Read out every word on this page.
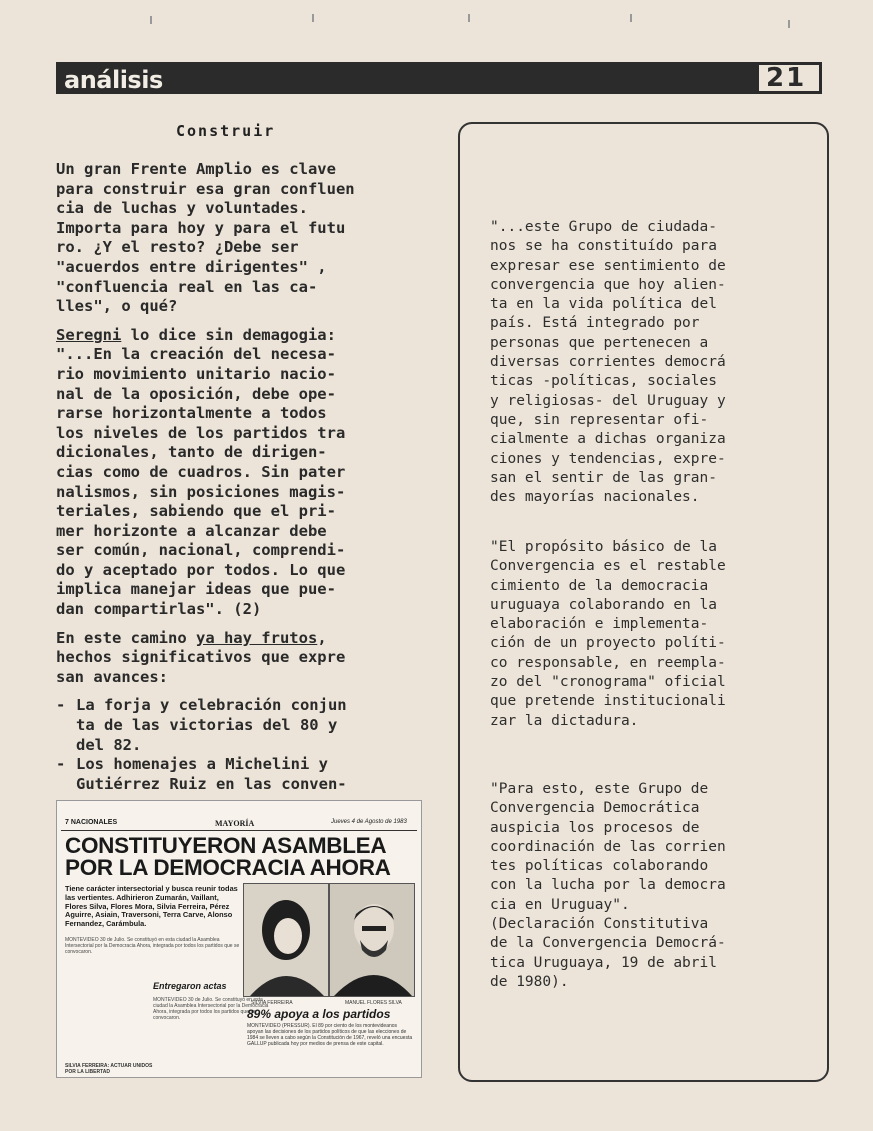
análisis	21
Construir

Un gran Frente Amplio es clave

para construir esa gran confluen

cia de luchas y voluntades.

Importa para hoy y para el futu

ro. ¿Y el resto? ¿Debe ser

"acuerdos entre dirigentes" ,

"confluencia real en las ca-

lles", o qué?

Seregni lo dice sin demagogia:

"...En la creación del necesa-

rio movimiento unitario nacio-

nal de la oposición, debe ope-

rarse horizontalmente a todos

los niveles de los partidos tra

dicionales, tanto de dirigen-

cias como de cuadros. Sin pater

nalismos, sin posiciones magis-

teriales, sabiendo que el pri-

mer horizonte a alcanzar debe

ser común, nacional, comprendi-

do y aceptado por todos. Lo que

implica manejar ideas que pue-

dan compartirlas". (2)

En este camino ya hay frutos,

hechos significativos que expre

san avances:

- La forja y celebración conjun

ta de las victorias del 80 y

del 82.

- Los homenajes a Michelini y

Gutiérrez Ruiz en las conven-

7 NACIONALES	MAYORÍA	Jueves 4 de Agosto de 1983
CONSTITUYERON ASAMBLEA
POR LA DEMOCRACIA AHORA
Tiene carácter intersectorial y busca reunir todas las vertientes. Adhirieron Zumarán, Vaillant, Flores Silva, Flores Mora, Silvia Ferreira, Pérez Aguirre, Asiain, Traversoni, Terra Carve, Alonso Fernandez, Carámbula.
MONTEVIDEO 30 de Julio. Se constituyó en esta ciudad la Asamblea Intersectorial por la Democracia Ahora, integrada por todos los partidos que se convocaron.
Entregaron actas
MONTEVIDEO 30 de Julio. Se constituyó en esta ciudad la Asamblea Intersectorial por la Democracia Ahora, integrada por todos los partidos que se convocaron.
SILVIA FERREIRA	MANUEL FLORES SILVA
89% apoya a los partidos
MONTEVIDEO (PRESSUR). El 89 por ciento de los montevideanos apoyan las decisiones de los partidos políticos de que las elecciones de 1984 se lleven a cabo según la Constitución de 1967, reveló una encuesta GALLUP publicada hoy por medios de prensa de este capital.
SILVIA FERREIRA: ACTUAR UNIDOS POR LA LIBERTAD

"...este Grupo de ciudada-

nos se ha constituído para

expresar ese sentimiento de

convergencia que hoy alien-

ta en la vida política del

país. Está integrado por

personas que pertenecen a

diversas corrientes democrá

ticas -políticas, sociales

y religiosas- del Uruguay y

que, sin representar ofi-

cialmente a dichas organiza

ciones y tendencias, expre-

san el sentir de las gran-

des mayorías nacionales.

"El propósito básico de la

Convergencia es el restable

cimiento de la democracia

uruguaya colaborando en la

elaboración e implementa-

ción de un proyecto políti-

co responsable, en reempla-

zo del "cronograma" oficial

que pretende institucionali

zar la dictadura.

"Para esto, este Grupo de

Convergencia Democrática

auspicia los procesos de

coordinación de las corrien

tes políticas colaborando

con la lucha por la democra

cia en Uruguay".

(Declaración Constitutiva

de la Convergencia Democrá-

tica Uruguaya, 19 de abril

de 1980).
